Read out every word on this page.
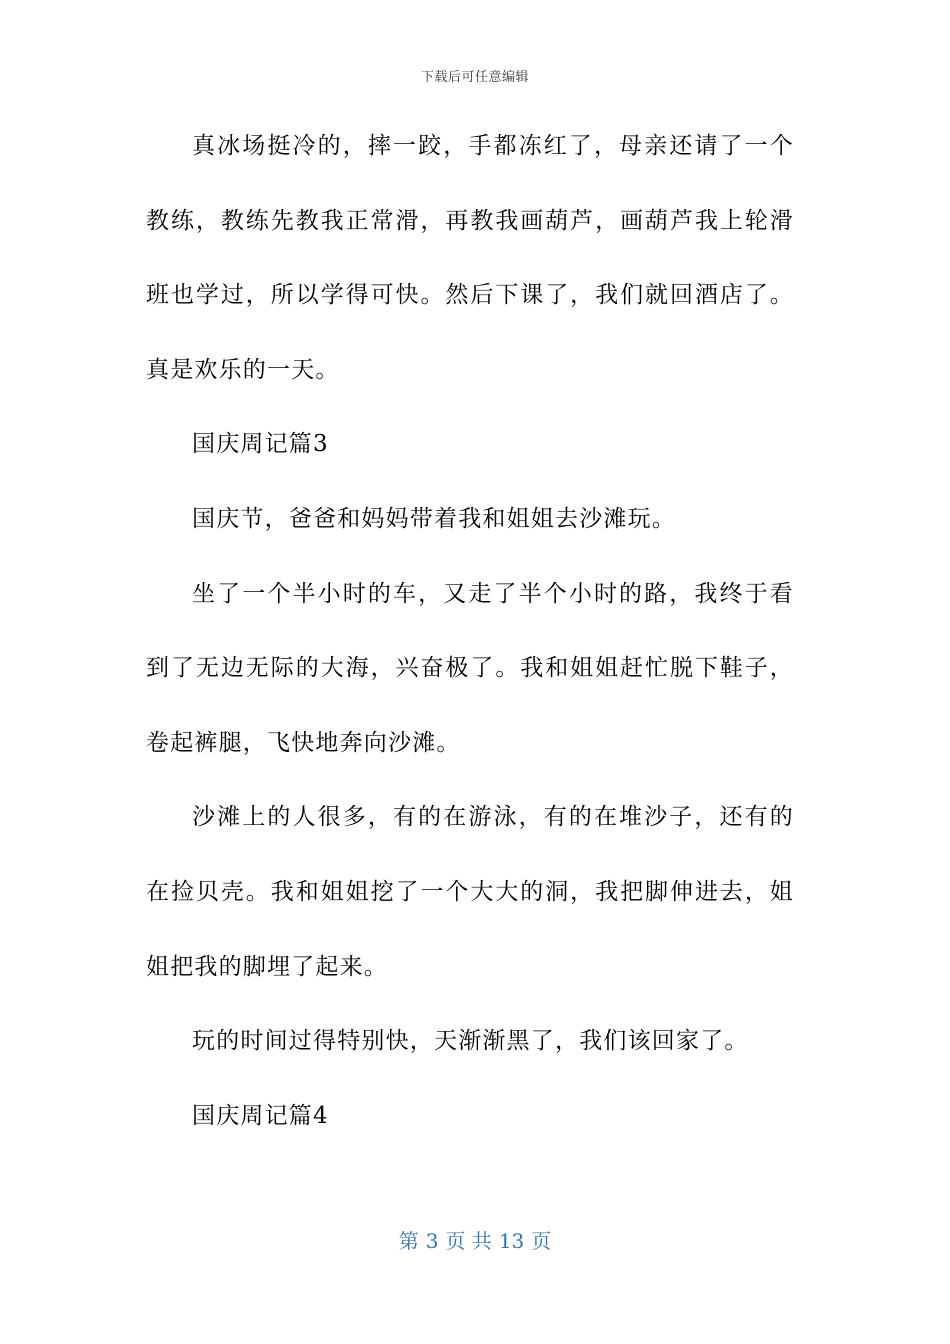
下载后可任意编辑

真冰场挺冷的，摔一跤，手都冻红了，母亲还请了一个教练，教练先教我正常滑，再教我画葫芦，画葫芦我上轮滑班也学过，所以学得可快。然后下课了，我们就回酒店了。真是欢乐的一天。

国庆周记篇3

国庆节，爸爸和妈妈带着我和姐姐去沙滩玩。

坐了一个半小时的车，又走了半个小时的路，我终于看到了无边无际的大海，兴奋极了。我和姐姐赶忙脱下鞋子，卷起裤腿，飞快地奔向沙滩。

沙滩上的人很多，有的在游泳，有的在堆沙子，还有的在捡贝壳。我和姐姐挖了一个大大的洞，我把脚伸进去，姐姐把我的脚埋了起来。

玩的时间过得特别快，天渐渐黑了，我们该回家了。

国庆周记篇4

第 3 页 共 13 页
